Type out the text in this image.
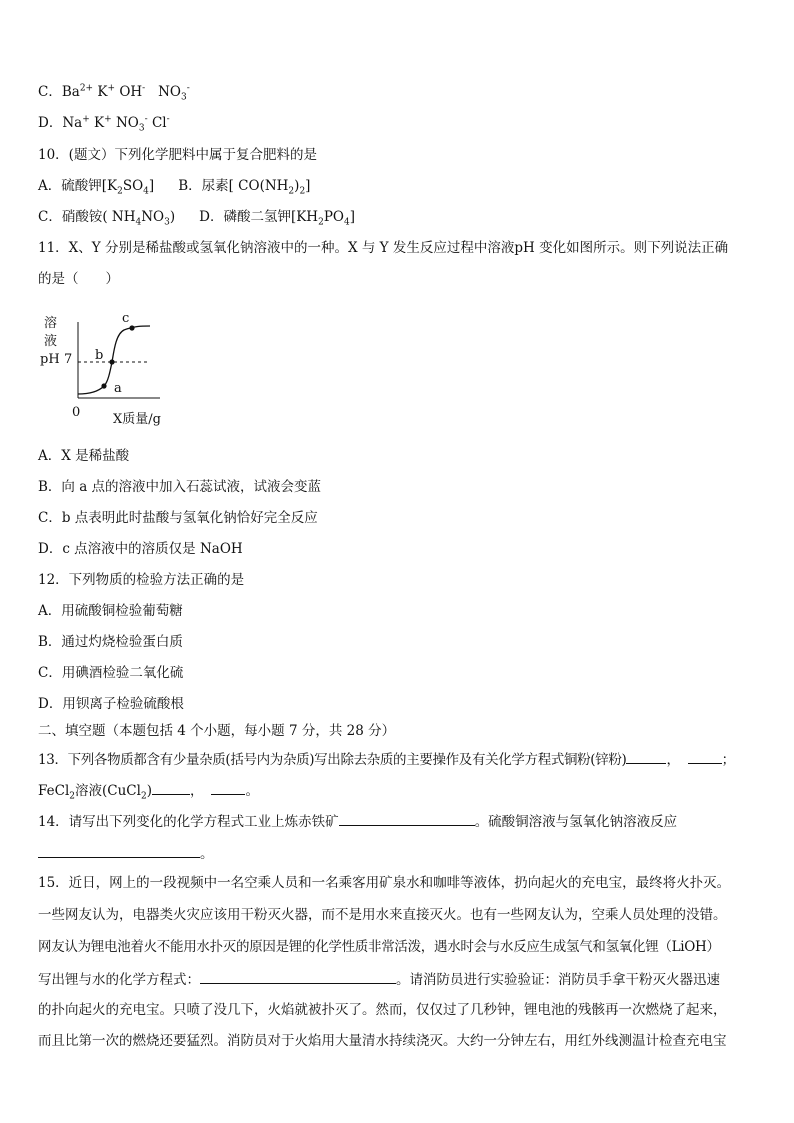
C．$Ba^{2+}$ K+ OH- $NO_3^-$
D．Na+ K+ $NO_3^-$ Cl-
10．(题文）下列化学肥料中属于复合肥料的是
A．硫酸钾$[K_2SO_4]$ B．尿素[ $CO(NH_2)_2$]
C．硝酸铵( $NH_4NO_3$) D．磷酸二氢钾$[KH_2PO_4]$
11．X、Y 分别是稀盐酸或氢氧化钠溶液中的一种。X 与 Y 发生反应过程中溶液pH 变化如图所示。则下列说法正确
的是（　　）
溶
液
pH 7
a
b
c
0	X质量/g
A．X 是稀盐酸
B．向 a 点的溶液中加入石蕊试液，试液会变蓝
C．b 点表明此时盐酸与氢氧化钠恰好完全反应
D．c 点溶液中的溶质仅是 NaOH
12．下列物质的检验方法正确的是
A．用硫酸铜检验葡萄糖
B．通过灼烧检验蛋白质
C．用碘酒检验二氧化硫
D．用钡离子检验硫酸根
二、填空题（本题包括 4 个小题，每小题 7 分，共 28 分）
13．下列各物质都含有少量杂质(括号内为杂质)写出除去杂质的主要操作及有关化学方程式铜粉(锌粉)	，	；
FeCl$_2$溶液(CuCl$_2$)	，	。
14．请写出下列变化的化学方程式工业上炼赤铁矿	。硫酸铜溶液与氢氧化钠溶液反应
。
15．近日，网上的一段视频中一名空乘人员和一名乘客用矿泉水和咖啡等液体，扔向起火的充电宝，最终将火扑灭。
一些网友认为，电器类火灾应该用干粉灭火器，而不是用水来直接灭火。也有一些网友认为，空乘人员处理的没错。
网友认为锂电池着火不能用水扑灭的原因是锂的化学性质非常活泼，遇水时会与水反应生成氢气和氢氧化锂（LiOH）
写出锂与水的化学方程式：	。请消防员进行实验验证：消防员手拿干粉灭火器迅速
的扑向起火的充电宝。只喷了没几下，火焰就被扑灭了。然而，仅仅过了几秒钟，锂电池的残骸再一次燃烧了起来，
而且比第一次的燃烧还要猛烈。消防员对于火焰用大量清水持续浇灭。大约一分钟左右，用红外线测温计检查充电宝
